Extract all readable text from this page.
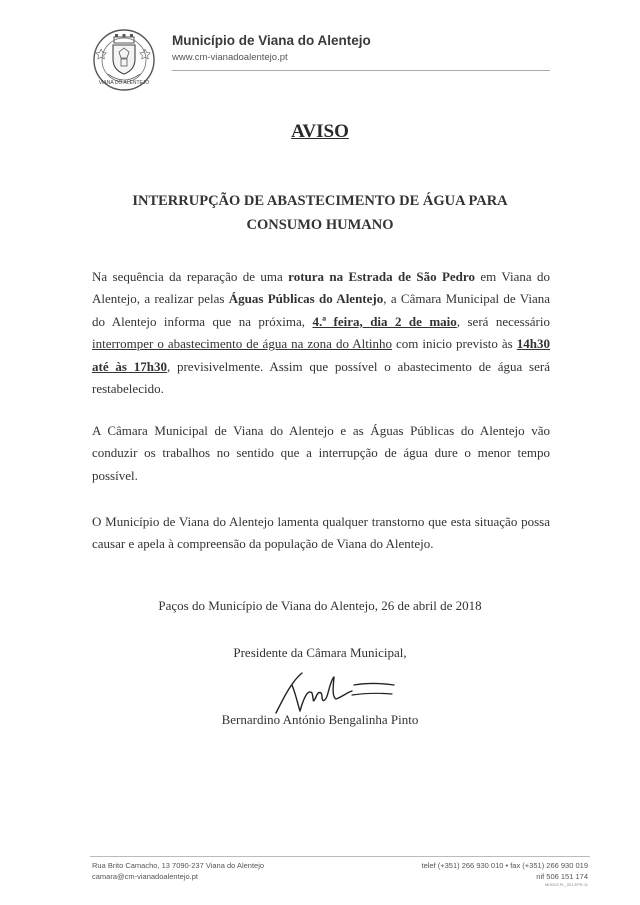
VIANA DO ALENTEJO
Município de Viana do Alentejo
www.cm-vianadoalentejo.pt
AVISO
INTERRUPÇÃO DE ABASTECIMENTO DE ÁGUA PARA
CONSUMO HUMANO
Na sequência da reparação de uma rotura na Estrada de São Pedro em Viana do Alentejo, a realizar pelas Águas Públicas do Alentejo, a Câmara Municipal de Viana do Alentejo informa que na próxima, 4.ª feira, dia 2 de maio, será necessário interromper o abastecimento de água na zona do Altinho com inicio previsto às 14h30 até às 17h30, previsivelmente. Assim que possível o abastecimento de água será restabelecido.
A Câmara Municipal de Viana do Alentejo e as Águas Públicas do Alentejo vão conduzir os trabalhos no sentido que a interrupção de água dure o menor tempo possível.
O Município de Viana do Alentejo lamenta qualquer transtorno que esta situação possa causar e apela à compreensão da população de Viana do Alentejo.
Paços do Município de Viana do Alentejo, 26 de abril de 2018
Presidente da Câmara Municipal,
Bernardino António Bengalinha Pinto
Rua Brito Camacho, 13 7090-237 Viana do Alentejo
camara@cm-vianadoalentejo.pt
telef (+351) 266 930 010 • fax (+351) 266 930 019
nif 506 151 174
MOD02.FL_001.EPR.11
